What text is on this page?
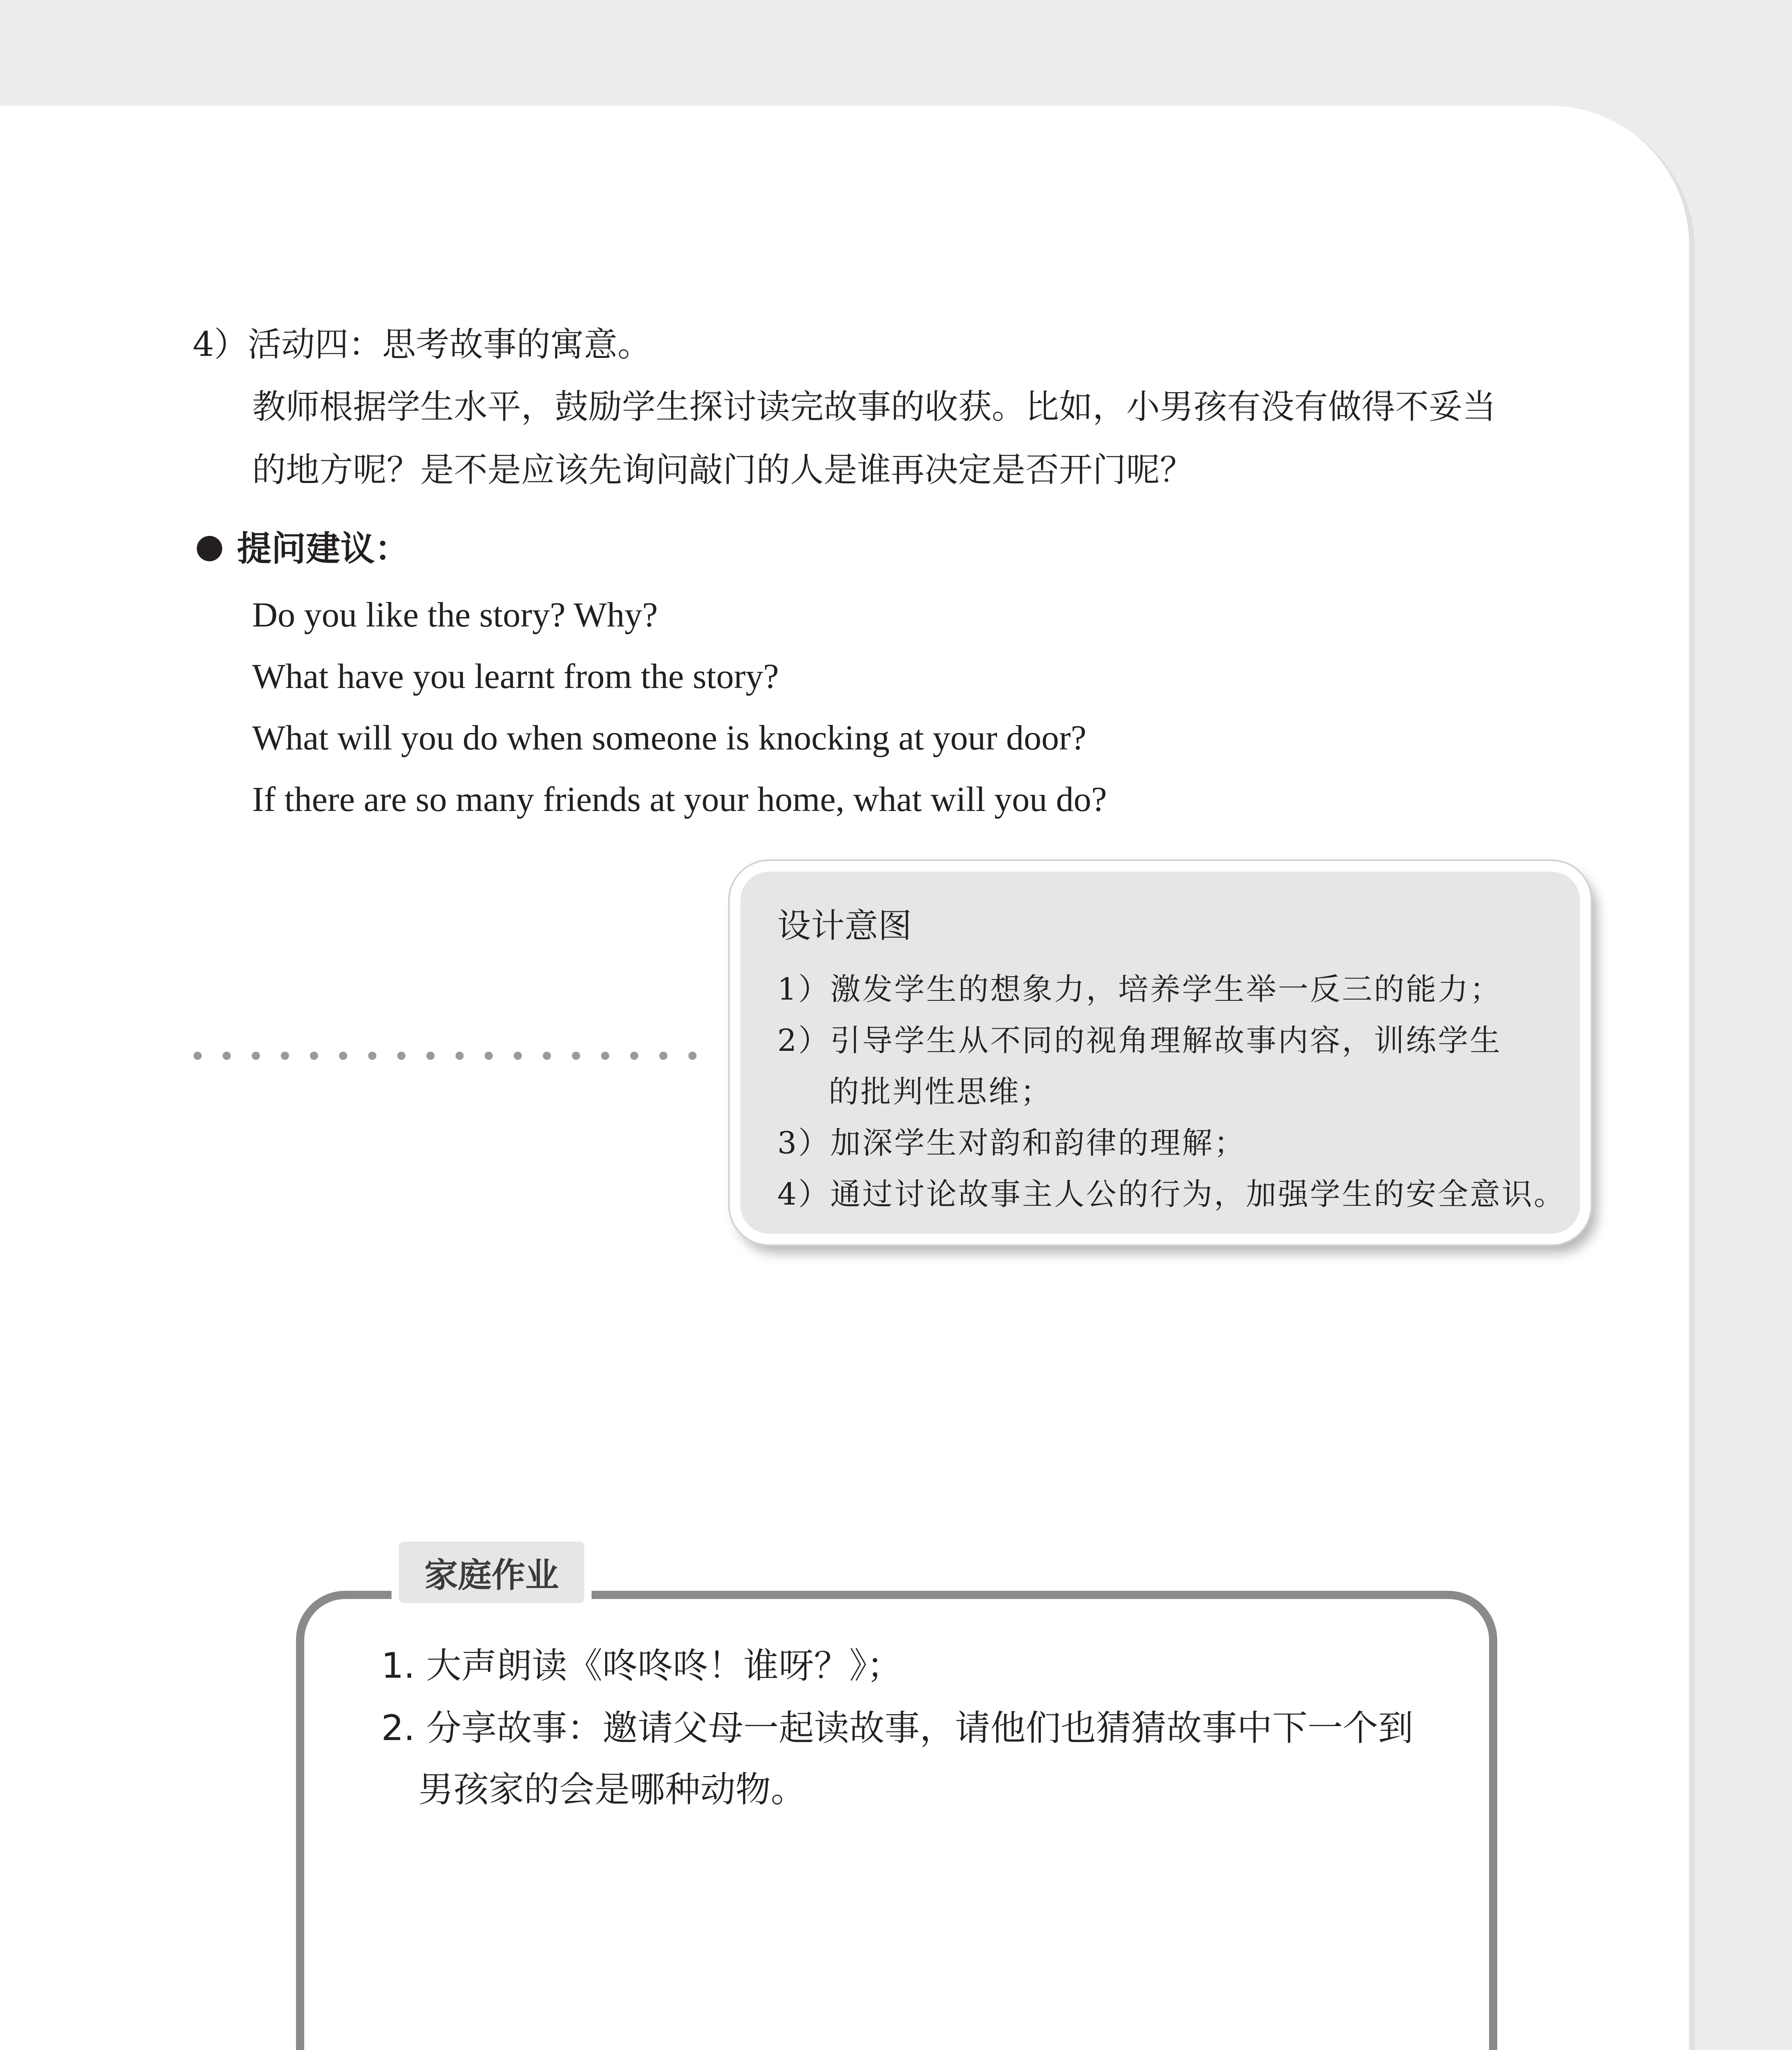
4）活动四：思考故事的寓意。
教师根据学生水平，鼓励学生探讨读完故事的收获。比如，小男孩有没有做得不妥当
的地方呢？是不是应该先询问敲门的人是谁再决定是否开门呢？
提问建议：
Do you like the story? Why?
What have you learnt from the story?
What will you do when someone is knocking at your door?
If there are so many friends at your home, what will you do?
设计意图
1）激发学生的想象力，培养学生举一反三的能力；
2）引导学生从不同的视角理解故事内容，训练学生
的批判性思维；
3）加深学生对韵和韵律的理解；
4）通过讨论故事主人公的行为，加强学生的安全意识。
家庭作业
1. 大声朗读《咚咚咚！谁呀？》；
2. 分享故事：邀请父母一起读故事，请他们也猜猜故事中下一个到
男孩家的会是哪种动物。
